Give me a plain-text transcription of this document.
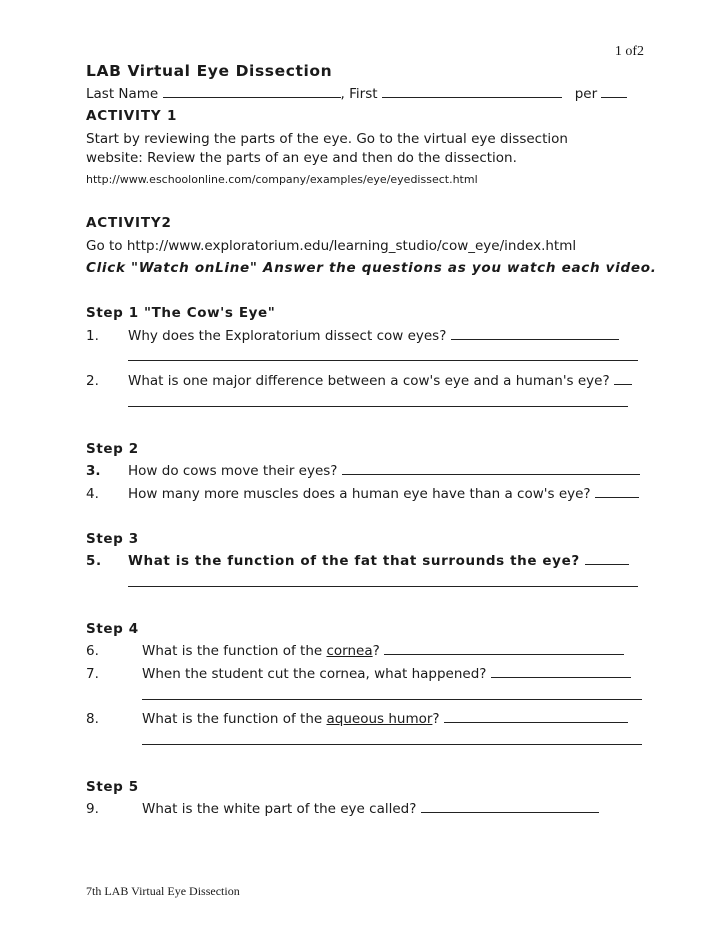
1 of2
LAB Virtual Eye Dissection
Last Name	, First	per
ACTIVITY 1
Start by reviewing the parts of the eye. Go to the virtual eye dissection
website: Review the parts of an eye and then do the dissection.
http://www.eschoolonline.com/company/examples/eye/eyedissect.html
ACTIVITY2
Go to http://www.exploratorium.edu/learning_studio/cow_eye/index.html
Click "Watch onLine" Answer the questions as you watch each video.
Step 1 "The Cow's Eye"
1. Why does the Exploratorium dissect cow eyes?
2. What is one major difference between a cow's eye and a human's eye?
Step 2
3. How do cows move their eyes?
4. How many more muscles does a human eye have than a cow's eye?
Step 3
5. What is the function of the fat that surrounds the eye?
Step 4
6.	What is the function of the cornea?
7.	When the student cut the cornea, what happened?
8.	What is the function of the aqueous humor?
Step 5
9.	What is the white part of the eye called?
7th LAB Virtual Eye Dissection
